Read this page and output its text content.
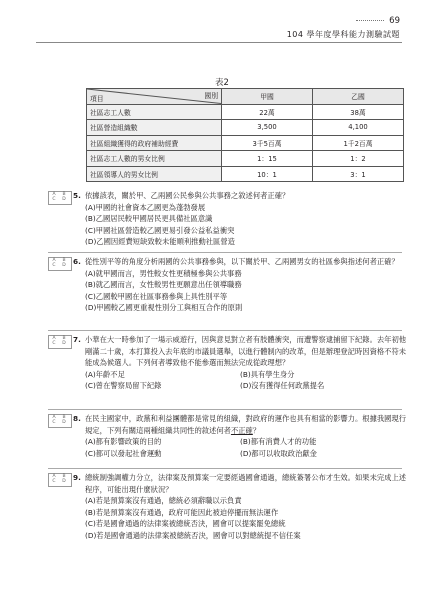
69
104 學年度學科能力測驗試題
表2
項目 國別	甲國	乙國
社區志工人數	22萬	38萬
社區營造組織數	3,500	4,100
社區組織獲得的政府補助經費	3千5百萬	1千2百萬
社區志工人數的男女比例	1：15	1：2
社區領導人的男女比例	10：1	3：1
A B
C D 5. 依據該表，關於甲、乙兩國公民參與公共事務之敘述何者正確？
(A)甲國的社會資本乙國更為蓬勃發展
(B)乙國居民較甲國居民更具備社區意識
(C)甲國社區營造較乙國更易引發公益私益衝突
(D)乙國因經費短缺致較未能順利推動社區營造
A B
C D 6. 從性別平等的角度分析兩國的公共事務參與，以下關於甲、乙兩國男女的社區參與指述何者正確？
(A)就甲國而言，男性較女性更積極參與公共事務
(B)就乙國而言，女性較男性更願意出任領導職務
(C)乙國較甲國在社區事務參與上具性別平等
(D)甲國較乙國更重視性別分工與相互合作的原則
A B
C D 7. 小華在大一時參加了一場示威遊行，因與意見對立者有肢體衝突，而遭警察逮捕留下紀錄。去年初他剛滿二十歲，本打算投入去年底的市議員選舉，以進行體制內的改革，但是辦理登記時因資格不符未能成為候選人。下列何者導致他不能參選而無法完成從政理想？
(A)年齡不足	(B)具有學生身分
(C)曾在警察局留下紀錄	(D)沒有獲得任何政黨提名
A B
C D 8. 在民主國家中，政黨和利益團體都是常見的組織，對政府的運作也具有相當的影響力。根據我國現行規定，下列有關這兩種組織共同性的敘述何者不正確？
(A)都有影響政策的目的	(B)都有消費人才的功能
(C)都可以發起社會運動	(D)都可以收取政治獻金
A B
C D 9. 總統制強調權力分立，法律案及預算案一定要經過國會通過，總統簽署公布才生效。如果未完成上述程序，可能出現什麼狀況？
(A)若是預算案沒有通過，總統必須辭職以示負責
(B)若是預算案沒有通過，政府可能因此被迫停擺而無法運作
(C)若是國會通過的法律案被總統否決，國會可以提案罷免總統
(D)若是國會通過的法律案被總統否決，國會可以對總統提不信任案
